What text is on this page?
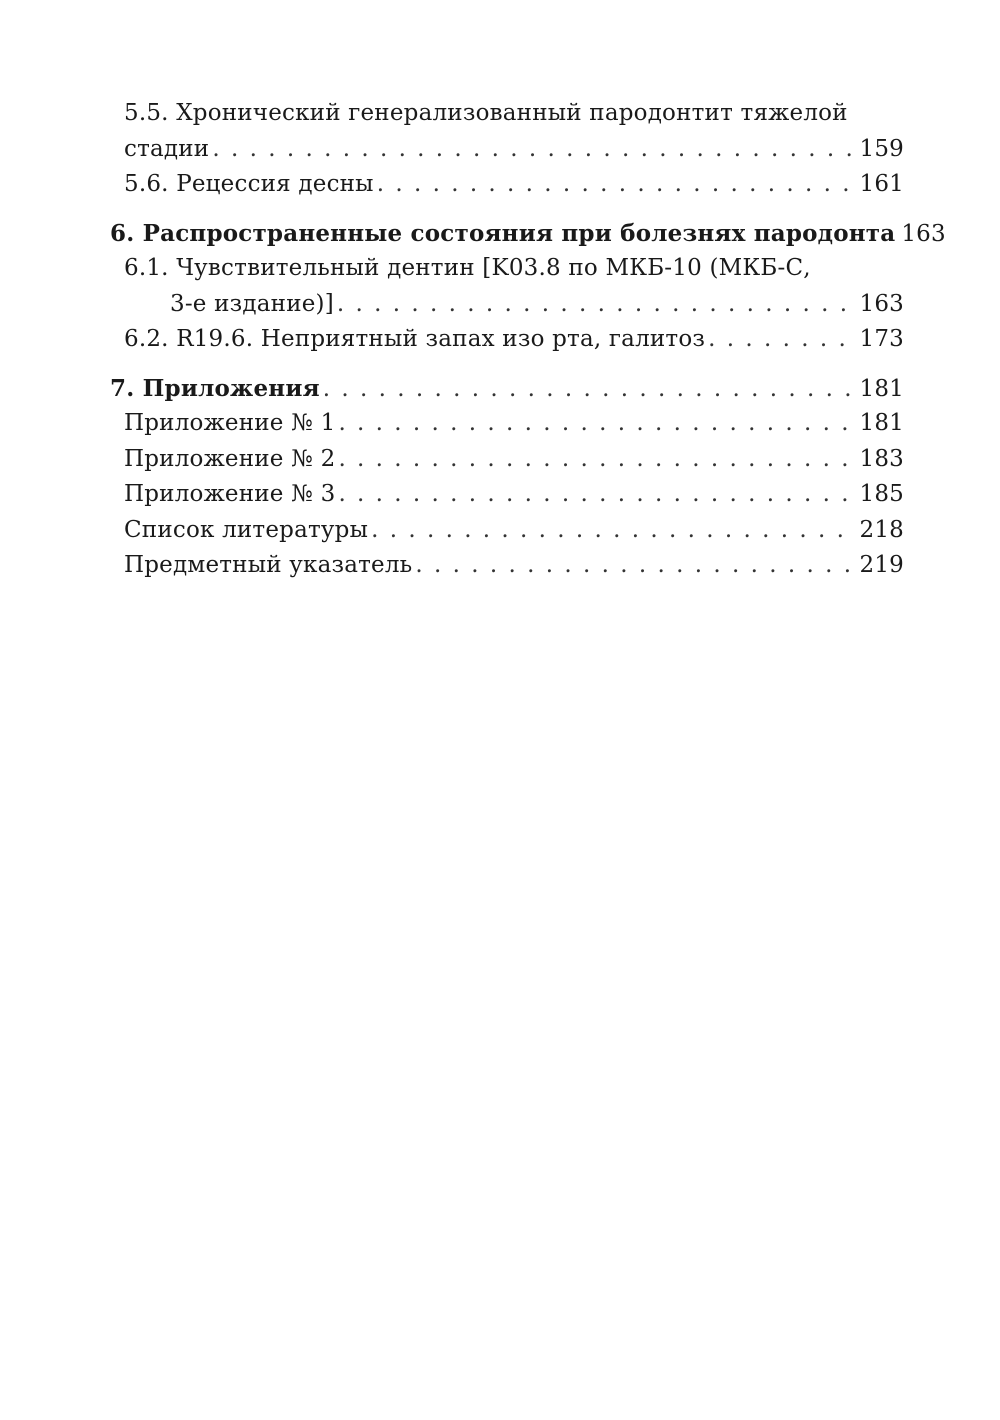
5.5. Хронический генерализованный пародонтит тяжелой
стадии . . .	159
5.6. Рецессия десны . . .	161
6. Распространенные состояния при болезнях пародонта 163
6.1. Чувствительный дентин [K03.8 по МКБ-10 (МКБ-С,
3-е издание)] . . .	163
6.2. R19.6. Неприятный запах изо рта, галитоз . . .	173
7. Приложения . . .	181
Приложение № 1 . . .	181
Приложение № 2 . . .	183
Приложение № 3 . . .	185
Список литературы . . .	218
Предметный указатель . . .	219
